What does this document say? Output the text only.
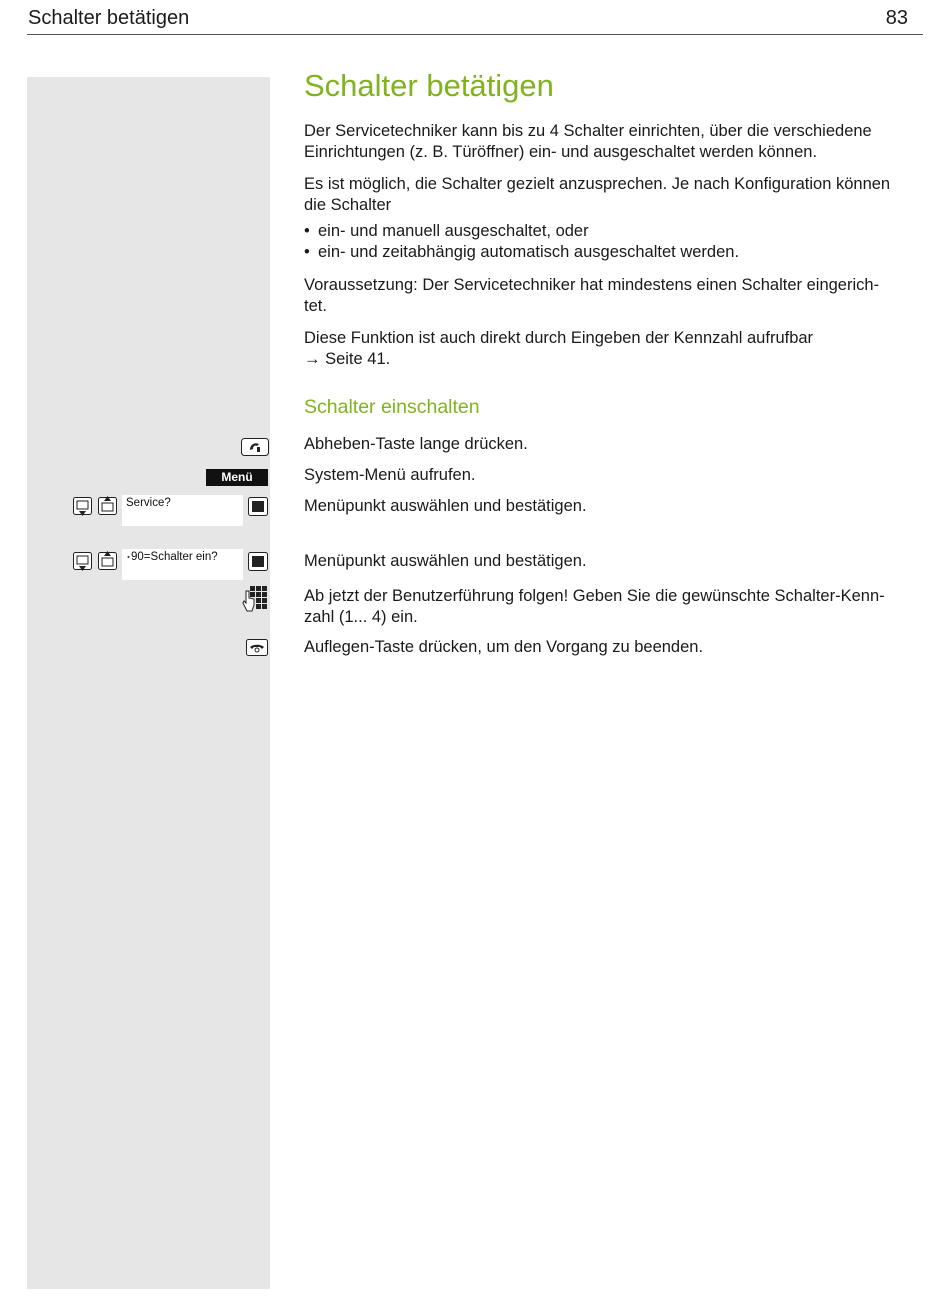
Schalter betätigen	83
Schalter betätigen
Der Servicetechniker kann bis zu 4 Schalter einrichten, über die verschiedene
Einrichtungen (z. B. Türöffner) ein- und ausgeschaltet werden können.
Es ist möglich, die Schalter gezielt anzusprechen. Je nach Konfiguration können
die Schalter
• ein- und manuell ausgeschaltet, oder
• ein- und zeitabhängig automatisch ausgeschaltet werden.
Voraussetzung: Der Servicetechniker hat mindestens einen Schalter eingerich-
tet.
Diese Funktion ist auch direkt durch Eingeben der Kennzahl aufrufbar
→ Seite 41.
Schalter einschalten
Abheben-Taste lange drücken.
Menü	System-Menü aufrufen.
Service?	Menüpunkt auswählen und bestätigen.
⋆90=Schalter ein?	Menüpunkt auswählen und bestätigen.
Ab jetzt der Benutzerführung folgen! Geben Sie die gewünschte Schalter-Kenn-
zahl (1... 4) ein.
Auflegen-Taste drücken, um den Vorgang zu beenden.
